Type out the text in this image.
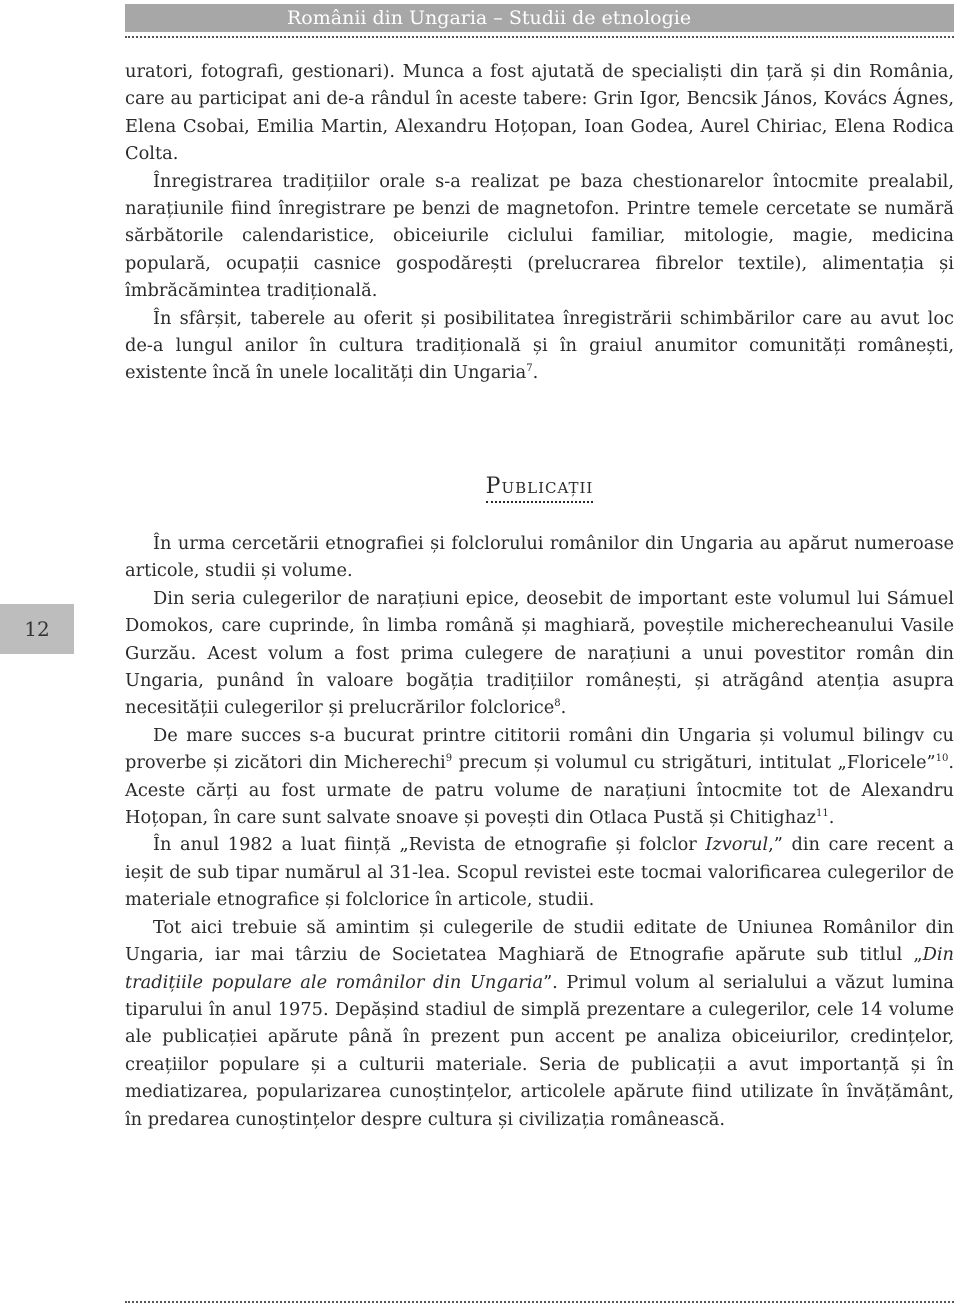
Românii din Ungaria – Studii de etnologie

uratori, fotografi, gestionari). Munca a fost ajutată de specialiști din țară și din România, care au participat ani de-a rândul în aceste tabere: Grin Igor, Bencsik János, Kovács Ágnes, Elena Csobai, Emilia Martin, Alexandru Hoțopan, Ioan Godea, Aurel Chiriac, Elena Rodica Colta.

Înregistrarea tradițiilor orale s-a realizat pe baza chestionarelor întocmite prealabil, narațiunile fiind înregistrare pe benzi de magnetofon. Printre temele cercetate se numără sărbătorile calendaristice, obiceiurile ciclului familiar, mitologie, magie, medicina populară, ocupații casnice gospodărești (prelucrarea fibrelor textile), alimentația și îmbrăcămintea tradițională.

În sfârșit, taberele au oferit și posibilitatea înregistrării schimbărilor care au avut loc de-a lungul anilor în cultura tradițională și în graiul anumitor comunități românești, existente încă în unele localități din Ungaria$^7$.

Publicații
12

În urma cercetării etnografiei și folclorului românilor din Ungaria au apărut numeroase articole, studii și volume.

Din seria culegerilor de narațiuni epice, deosebit de important este volumul lui Sámuel Domokos, care cuprinde, în limba română și maghiară, poveștile micherecheanului Vasile Gurzău. Acest volum a fost prima culegere de narațiuni a unui povestitor român din Ungaria, punând în valoare bogăția tradițiilor românești, și atrăgând atenția asupra necesității culegerilor și prelucrărilor folclorice$^8$.

De mare succes s-a bucurat printre cititorii români din Ungaria și volumul bilingv cu proverbe și zicători din Micherechi$^9$ precum și volumul cu strigături, intitulat „Floricele”$^{10}$. Aceste cărți au fost urmate de patru volume de narațiuni întocmite tot de Alexandru Hoțopan, în care sunt salvate snoave și povești din Otlaca Pustă și Chitighaz$^{11}$.

În anul 1982 a luat ființă „Revista de etnografie și folclor Izvorul,” din care recent a ieșit de sub tipar numărul al 31-lea. Scopul revistei este tocmai valorificarea culegerilor de materiale etnografice și folclorice în articole, studii.

Tot aici trebuie să amintim și culegerile de studii editate de Uniunea Românilor din Ungaria, iar mai târziu de Societatea Maghiară de Etnografie apărute sub titlul „Din tradițiile populare ale românilor din Ungaria”. Primul volum al serialului a văzut lumina tiparului în anul 1975. Depășind stadiul de simplă prezentare a culegerilor, cele 14 volume ale publicației apărute până în prezent pun accent pe analiza obiceiurilor, credințelor, creațiilor populare și a culturii materiale. Seria de publicații a avut importanță și în mediatizarea, popularizarea cunoștințelor, articolele apărute fiind utilizate în învățământ, în predarea cunoștințelor despre cultura și civilizația românească.
